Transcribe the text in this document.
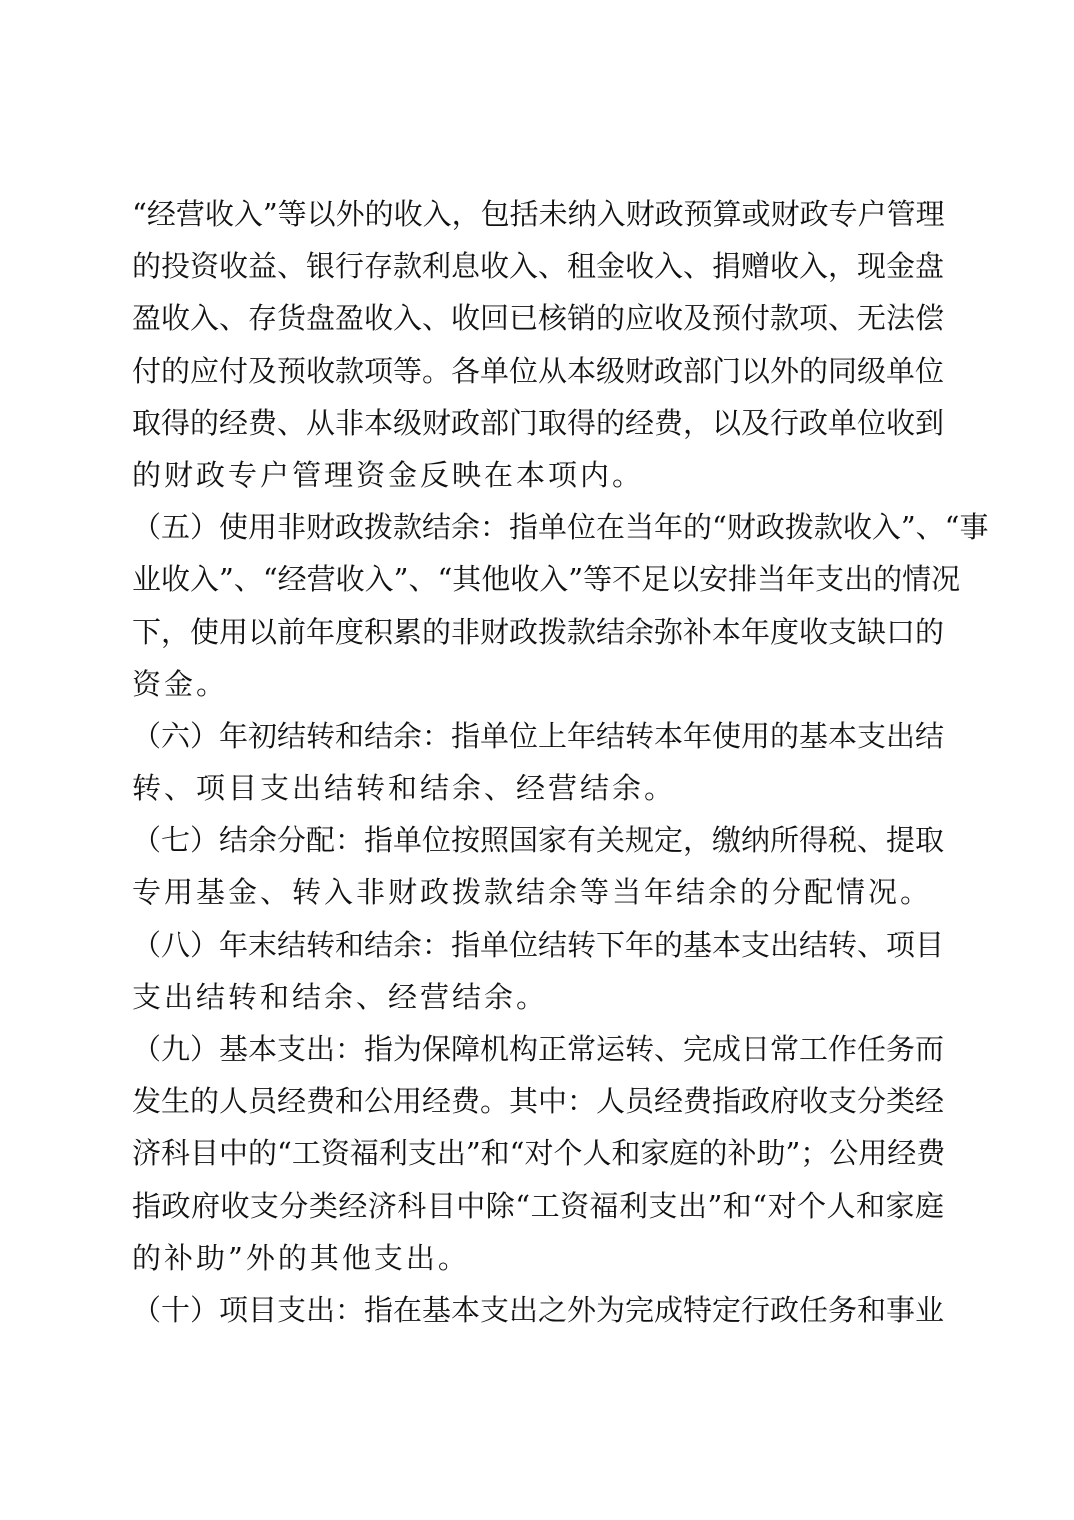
“经营收入”等以外的收入，包括未纳入财政预算或财政专户管理
的投资收益、银行存款利息收入、租金收入、捐赠收入，现金盘
盈收入、存货盘盈收入、收回已核销的应收及预付款项、无法偿
付的应付及预收款项等。各单位从本级财政部门以外的同级单位
取得的经费、从非本级财政部门取得的经费，以及行政单位收到
的财政专户管理资金反映在本项内。
（五）使用非财政拨款结余：指单位在当年的“财政拨款收入”、“事
业收入”、“经营收入”、“其他收入”等不足以安排当年支出的情况
下，使用以前年度积累的非财政拨款结余弥补本年度收支缺口的
资金。
（六）年初结转和结余：指单位上年结转本年使用的基本支出结
转、项目支出结转和结余、经营结余。
（七）结余分配：指单位按照国家有关规定，缴纳所得税、提取
专用基金、转入非财政拨款结余等当年结余的分配情况。
（八）年末结转和结余：指单位结转下年的基本支出结转、项目
支出结转和结余、经营结余。
（九）基本支出：指为保障机构正常运转、完成日常工作任务而
发生的人员经费和公用经费。其中：人员经费指政府收支分类经
济科目中的“工资福利支出”和“对个人和家庭的补助”；公用经费
指政府收支分类经济科目中除“工资福利支出”和“对个人和家庭
的补助”外的其他支出。
（十）项目支出：指在基本支出之外为完成特定行政任务和事业
